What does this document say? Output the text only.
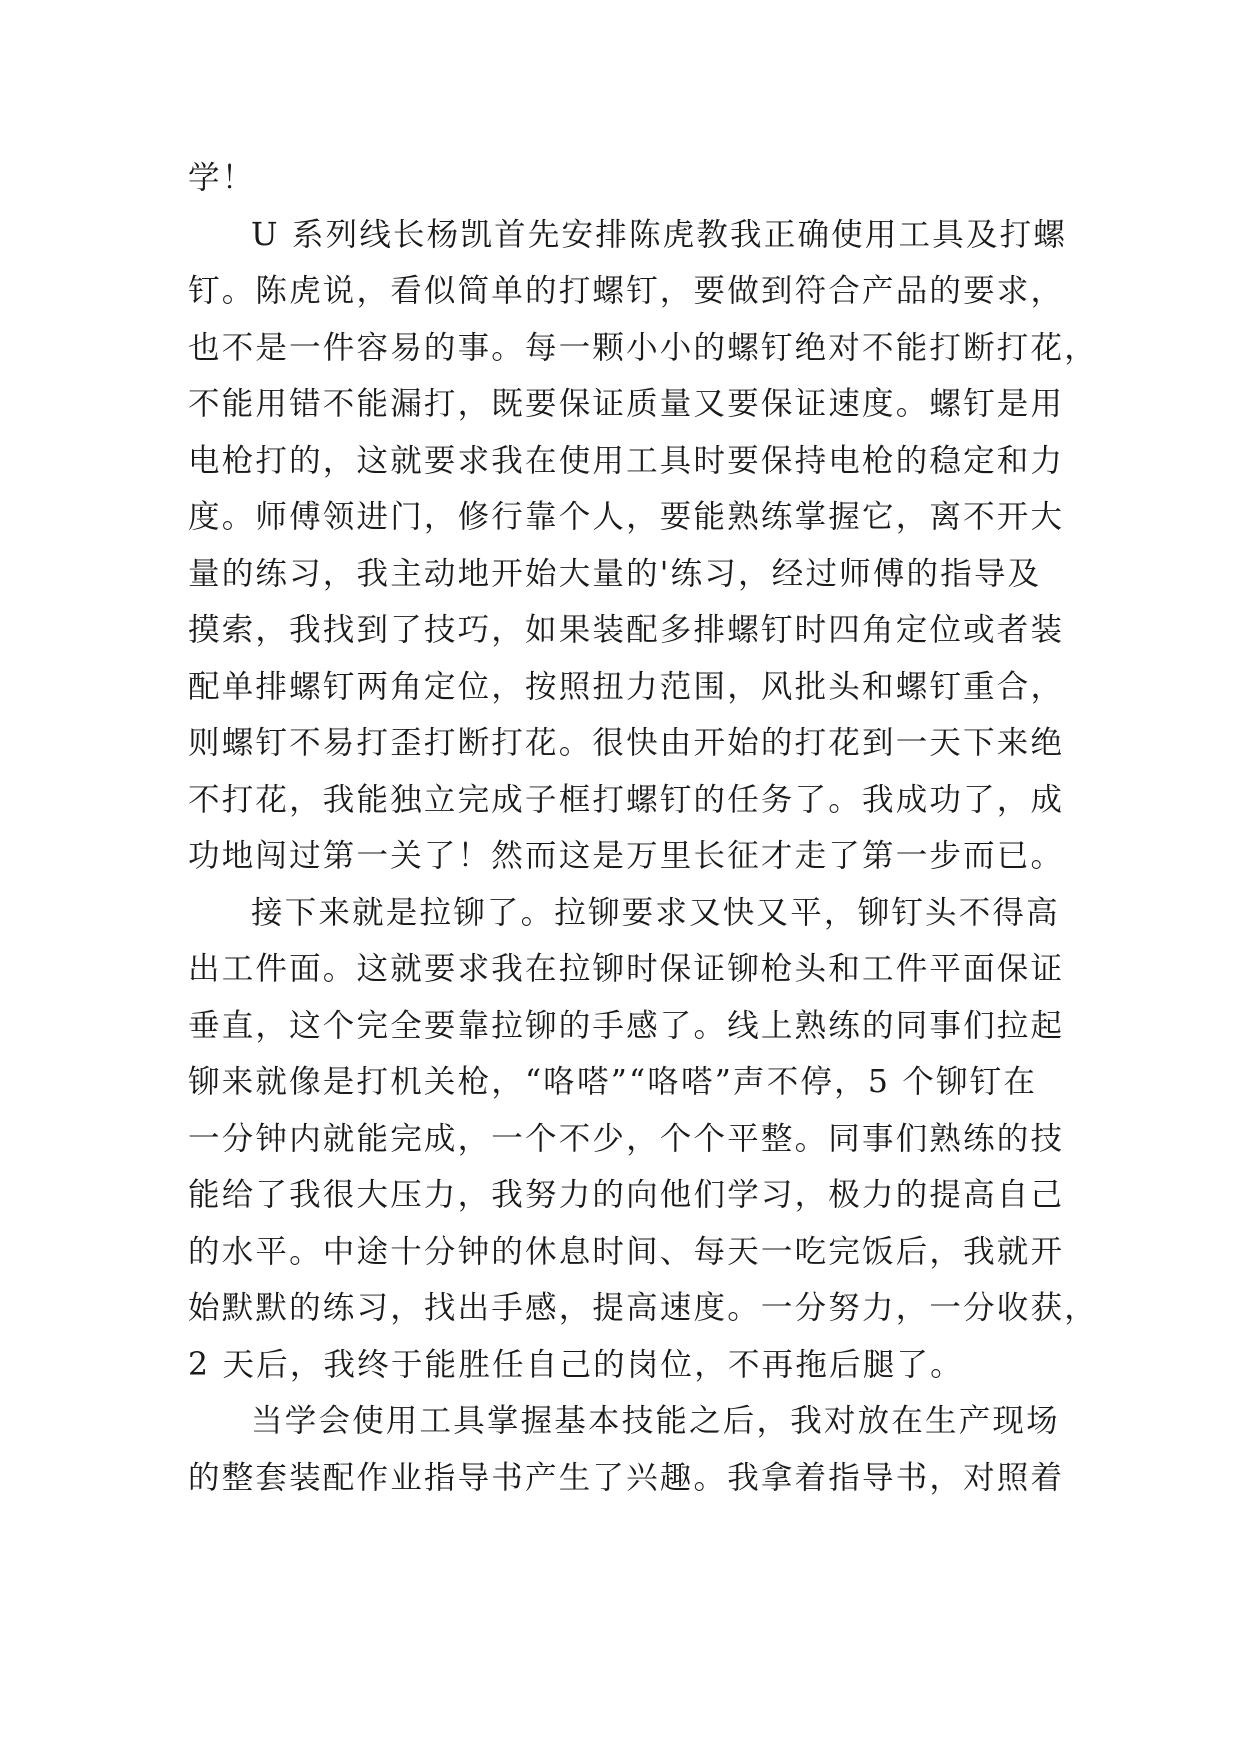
学！
U 系列线长杨凯首先安排陈虎教我正确使用工具及打螺
钉。陈虎说，看似简单的打螺钉，要做到符合产品的要求，
也不是一件容易的事。每一颗小小的螺钉绝对不能打断打花，
不能用错不能漏打，既要保证质量又要保证速度。螺钉是用
电枪打的，这就要求我在使用工具时要保持电枪的稳定和力
度。师傅领进门，修行靠个人，要能熟练掌握它，离不开大
量的练习，我主动地开始大量的'练习，经过师傅的指导及
摸索，我找到了技巧，如果装配多排螺钉时四角定位或者装
配单排螺钉两角定位，按照扭力范围，风批头和螺钉重合，
则螺钉不易打歪打断打花。很快由开始的打花到一天下来绝
不打花，我能独立完成子框打螺钉的任务了。我成功了，成
功地闯过第一关了！然而这是万里长征才走了第一步而已。
接下来就是拉铆了。拉铆要求又快又平，铆钉头不得高
出工件面。这就要求我在拉铆时保证铆枪头和工件平面保证
垂直，这个完全要靠拉铆的手感了。线上熟练的同事们拉起
铆来就像是打机关枪，“咯嗒”“咯嗒”声不停，5 个铆钉在
一分钟内就能完成，一个不少，个个平整。同事们熟练的技
能给了我很大压力，我努力的向他们学习，极力的提高自己
的水平。中途十分钟的休息时间、每天一吃完饭后，我就开
始默默的练习，找出手感，提高速度。一分努力，一分收获，
2 天后，我终于能胜任自己的岗位，不再拖后腿了。
当学会使用工具掌握基本技能之后，我对放在生产现场
的整套装配作业指导书产生了兴趣。我拿着指导书，对照着
